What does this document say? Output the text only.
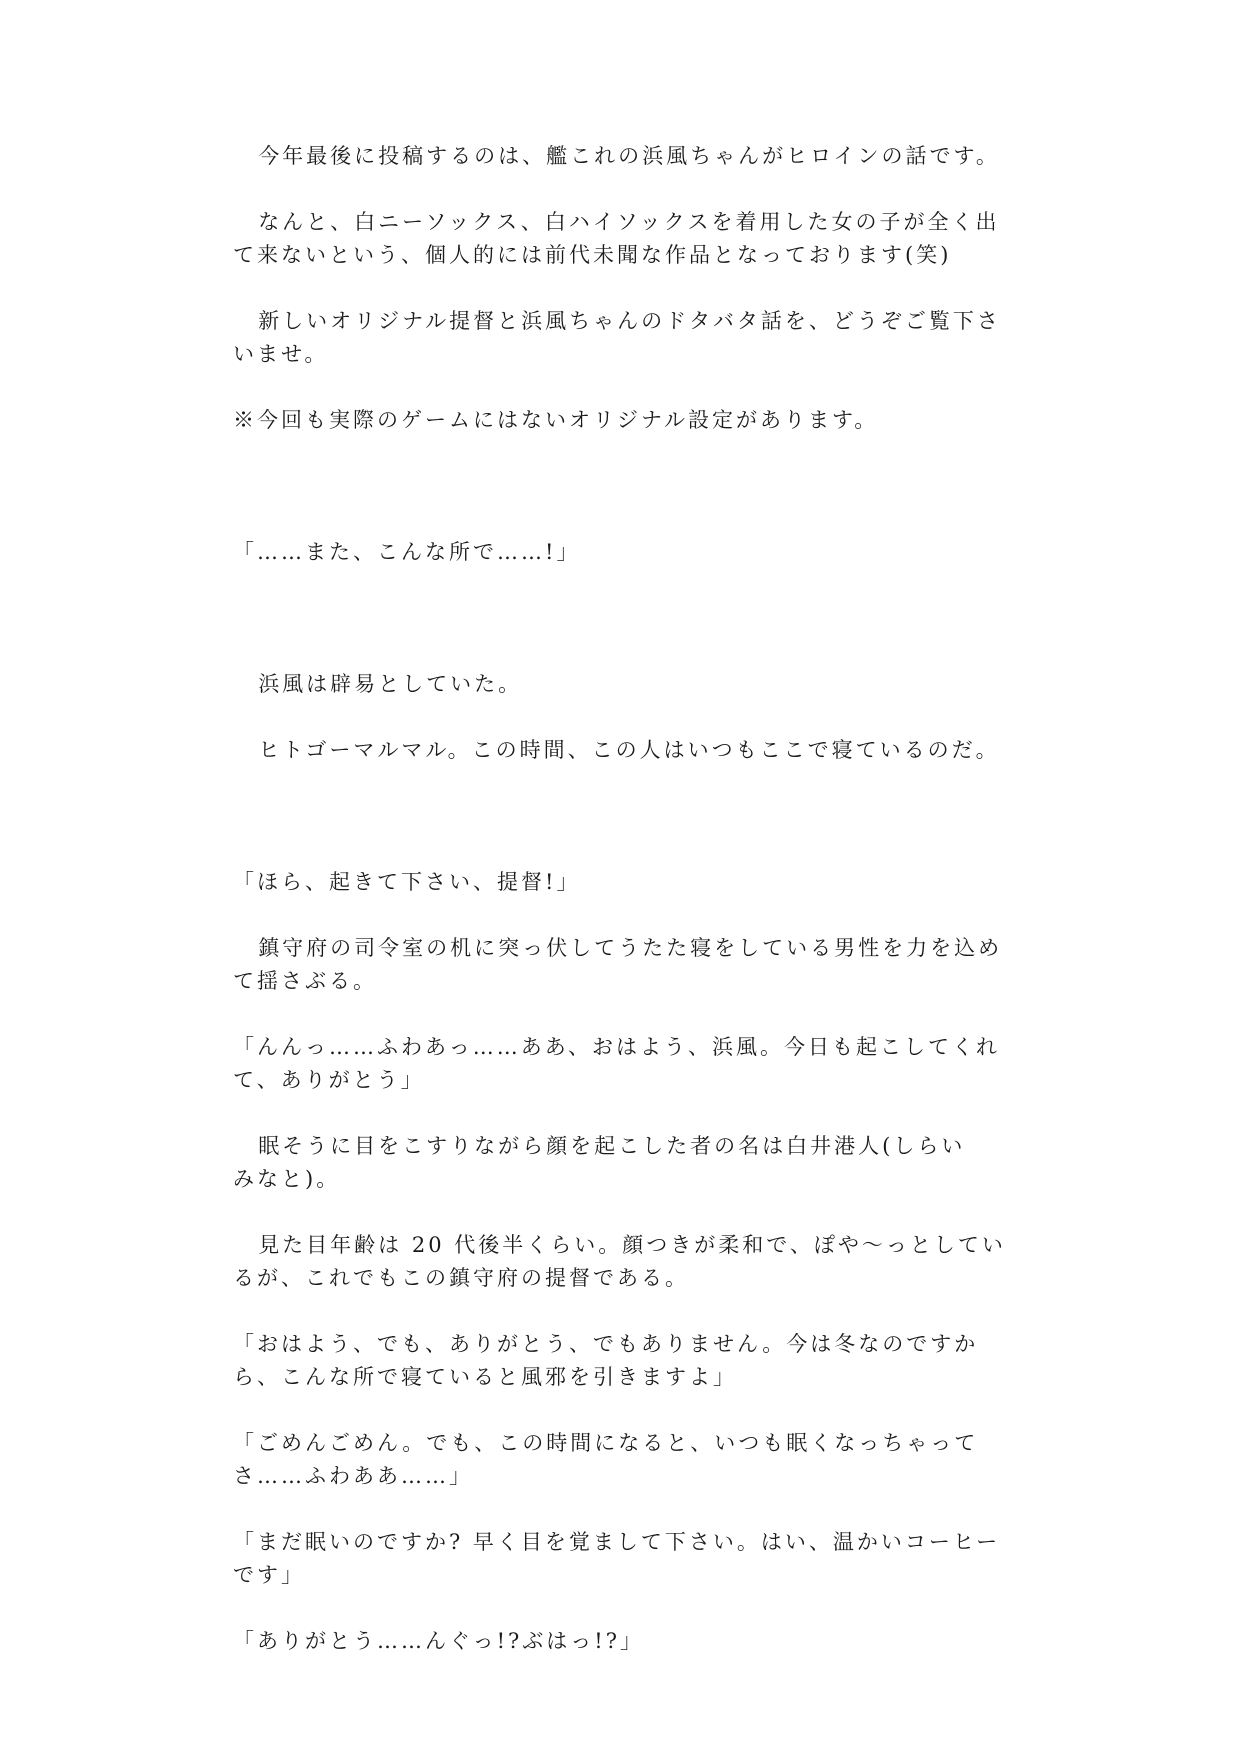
今年最後に投稿するのは、艦これの浜風ちゃんがヒロインの話です。

なんと、白ニーソックス、白ハイソックスを着用した女の子が全く出て来ないという、個人的には前代未聞な作品となっております(笑)

新しいオリジナル提督と浜風ちゃんのドタバタ話を、どうぞご覧下さいませ。

※今回も実際のゲームにはないオリジナル設定があります。

「……また、こんな所で……!」

浜風は辟易としていた。

ヒトゴーマルマル。この時間、この人はいつもここで寝ているのだ。

「ほら、起きて下さい、提督!」

鎮守府の司令室の机に突っ伏してうたた寝をしている男性を力を込めて揺さぶる。

「んんっ……ふわあっ……ああ、おはよう、浜風。今日も起こしてくれて、ありがとう」

眠そうに目をこすりながら顔を起こした者の名は白井港人(しらい　みなと)。

見た目年齢は 20 代後半くらい。顔つきが柔和で、ぽや〜っとしているが、これでもこの鎮守府の提督である。

「おはよう、でも、ありがとう、でもありません。今は冬なのですから、こんな所で寝ていると風邪を引きますよ」

「ごめんごめん。でも、この時間になると、いつも眠くなっちゃってさ……ふわああ……」

「まだ眠いのですか? 早く目を覚まして下さい。はい、温かいコーヒーです」

「ありがとう……んぐっ!?ぶはっ!?」
